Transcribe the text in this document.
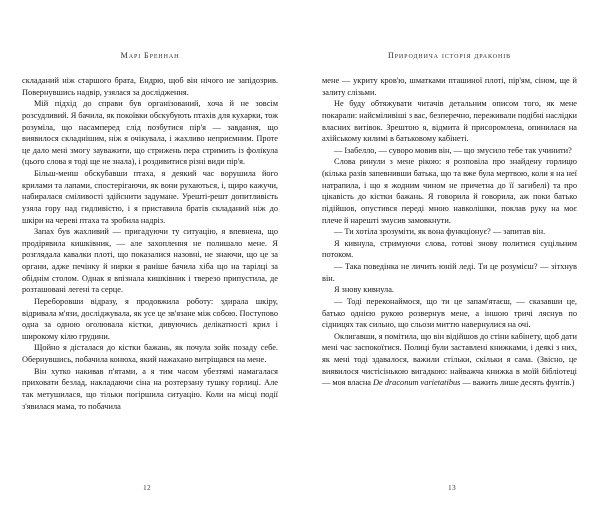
Марі Бреннан

складаний ніж старшого брата, Ендрю, щоб він нічого не запідозрив. Повернувшись надвір, узялася за дослідження.

Мій підхід до справи був організований, хоча й не зовсім розсудливий. Я бачила, як покоївки обскубують птахів для кухарки, тож розуміла, що насамперед слід позбутися пір'я — завдання, що виявилося складнішим, ніж я очікувала, і жахливо неприємним. Проте це дало мені змогу зауважити, що стрижень пера стримить із фолікула (цього слова я тоді ще не знала), і роздивитися різні види пір'я.

Більш-менш обскубавши птаха, я деякий час ворушила його крилами та лапами, спостерігаючи, як вони рухаються, і, щиро кажучи, набиралася сміливості здійснити задумане. Урешті-решт допитливість узяла гору над гидливістю, і я приставила братів складаний ніж до шкіри на череві птаха та зробила надріз.

Запах був жахливий — пригадуючи ту ситуацію, я впевнена, що продірявила кишківник, — але захоплення не полишало мене. Я розглядала кавалки плоті, що показалися назовні, не знаючи, що це за органи, адже печінку й нирки я раніше бачила хіба що на тарілці за обіднім столом. Однак я впізнала кишківник і тверезо припустила, де розташовані легені та серце.

Переборовши відразу, я продовжила роботу: здирала шкіру, відривала м'язи, досліджувала, як усе це зв'язане між собою. Поступово одна за одною оголювала кістки, дивуючись делікатності крил і широкому кілю грудини.

Щойно я дісталася до кістки бажань, як почула зойк позаду себе. Обернувшись, побачила конюха, який нажахано витріщався на мене.

Він хутко накивав п'ятами, а я тим часом убезтямі намагалася приховати безлад, накладаючи сіна на розтерзану тушку горлиці. Але так метушилася, що тільки погіршила ситуацію. Коли на місці події з'явилася мама, то побачила

12
Природнича історія драконів

мене — укриту кров'ю, шматками пташиної плоті, пір'ям, сіном, ще й залиту слізьми.

Не буду обтяжувати читачів детальним описом того, як мене покарали: найсміливіші з вас, безперечно, переживали подібні наслідки власних витівок. Зрештою я, відмита й присоромлена, опинилася на ахійському килимі в батьковому кабінеті.

— Ізабелло, — суворо мовив він, — що змусило тебе так учинити?

Слова ринули з мене рікою: я розповіла про знайдену горлицю (кілька разів запевнивши батька, що та вже була мертвою, коли я на неї натрапила, і що я жодним чином не причетна до її загибелі) та про цікавість до кістки бажань. Я говорила й говорила, аж поки батько підійшов, опустився переді мною навколішки, поклав руку на моє плече й нарешті змусив замовкнути.

— Ти хотіла зрозуміти, як вона функціонує? — запитав він.

Я кивнула, стримуючи слова, готові знову политися суцільним потоком.

— Така поведінка не личить юній леді. Ти це розумієш? — зітхнув він.

Я знову кивнула.

— Тоді переконаймося, що ти це запам'ятаєш, — сказавши це, батько однією рукою розвернув мене, а іншою тричі ляснув по сідницях так сильно, що сльози миттю навернулися на очі.

Оклигавши, я помітила, що він відійшов до стіни кабінету, щоб дати мені час заспокоїтися. Полиці були заставлені книжками, і деякі з них, як мені тоді здавалося, важили стільки, скільки я сама. (Звісно, це виявилося чистісінькою вигадкою: найважча книжка в моїй бібліотеці — моя власна De draconum varietatibus — важить лише десять фунтів.)

13
